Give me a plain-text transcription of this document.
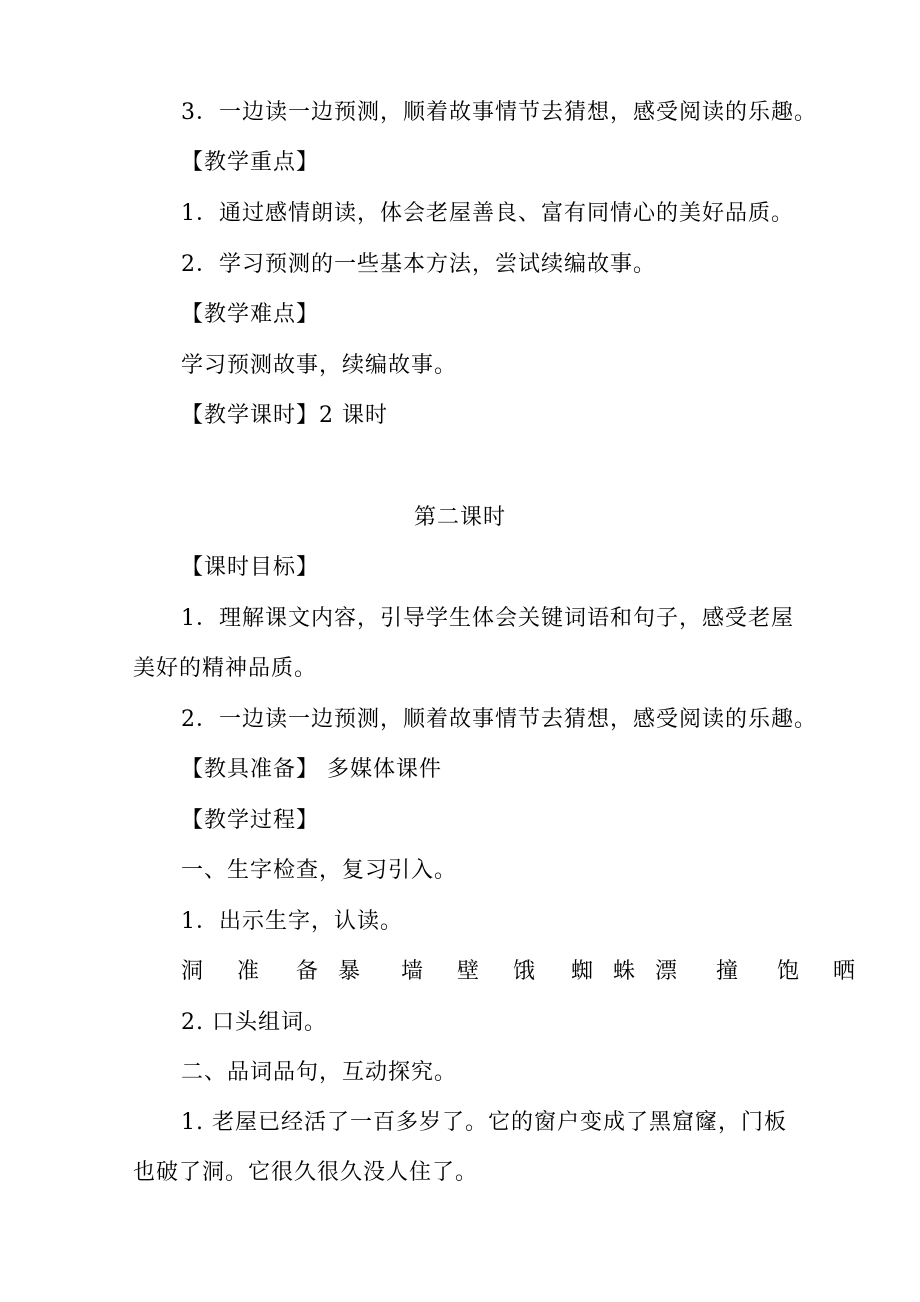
3．一边读一边预测，顺着故事情节去猜想，感受阅读的乐趣。
【教学重点】
1．通过感情朗读，体会老屋善良、富有同情心的美好品质。
2．学习预测的一些基本方法，尝试续编故事。
【教学难点】
学习预测故事，续编故事。
【教学课时】2 课时
第二课时
【课时目标】
1．理解课文内容，引导学生体会关键词语和句子，感受老屋
美好的精神品质。
2．一边读一边预测，顺着故事情节去猜想，感受阅读的乐趣。
【教具准备】 多媒体课件
【教学过程】
一、生字检查，复习引入。
1．出示生字，认读。
洞 准 备 暴 墙 壁 饿 蜘 蛛 漂 撞 饱 晒
2. 口头组词。
二、品词品句，互动探究。
1. 老屋已经活了一百多岁了。它的窗户变成了黑窟窿，门板
也破了洞。它很久很久没人住了。
